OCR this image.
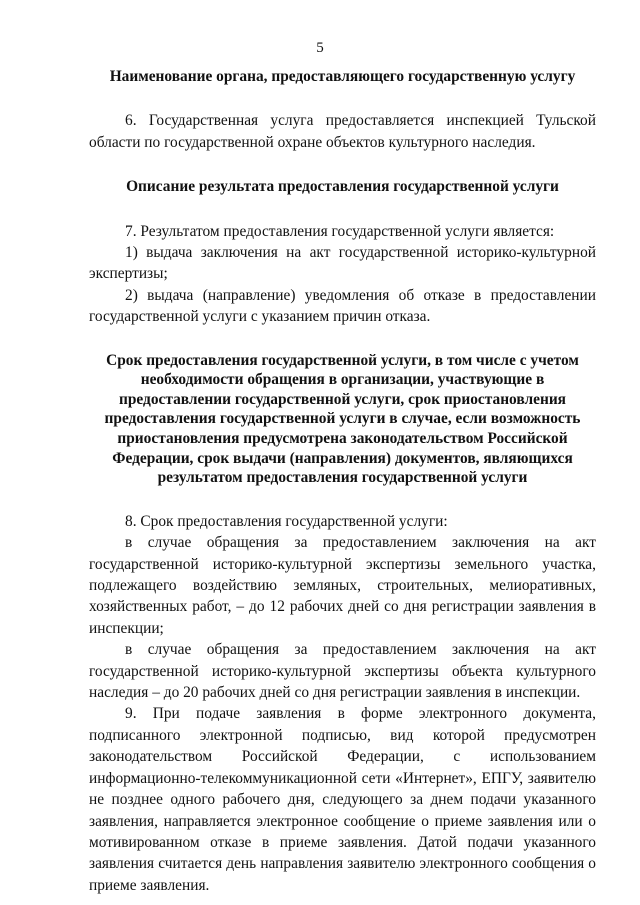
5

Наименование органа, предоставляющего государственную услугу

6. Государственная услуга предоставляется инспекцией Тульской области по государственной охране объектов культурного наследия.

Описание результата предоставления государственной услуги

7. Результатом предоставления государственной услуги является:

1) выдача заключения на акт государственной историко-культурной экспертизы;

2) выдача (направление) уведомления об отказе в предоставлении государственной услуги с указанием причин отказа.

Срок предоставления государственной услуги, в том числе с учетом необходимости обращения в организации, участвующие в предоставлении государственной услуги, срок приостановления предоставления государственной услуги в случае, если возможность приостановления предусмотрена законодательством Российской Федерации, срок выдачи (направления) документов, являющихся результатом предоставления государственной услуги

8. Срок предоставления государственной услуги:

в случае обращения за предоставлением заключения на акт государственной историко-культурной экспертизы земельного участка, подлежащего воздействию земляных, строительных, мелиоративных, хозяйственных работ, – до 12 рабочих дней со дня регистрации заявления в инспекции;

в случае обращения за предоставлением заключения на акт государственной историко-культурной экспертизы объекта культурного наследия – до 20 рабочих дней со дня регистрации заявления в инспекции.

9. При подаче заявления в форме электронного документа, подписанного электронной подписью, вид которой предусмотрен законодательством Российской Федерации, с использованием информационно-телекоммуникационной сети «Интернет», ЕПГУ, заявителю не позднее одного рабочего дня, следующего за днем подачи указанного заявления, направляется электронное сообщение о приеме заявления или о мотивированном отказе в приеме заявления. Датой подачи указанного заявления считается день направления заявителю электронного сообщения о приеме заявления.
